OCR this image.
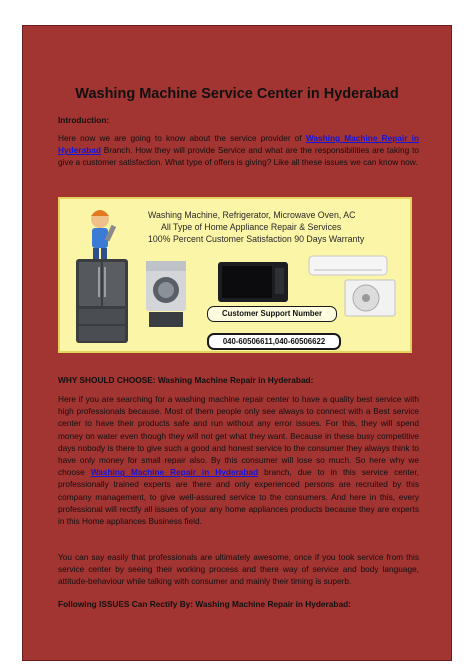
Washing Machine Service Center in Hyderabad
Introduction:
Here now we are going to know about the service provider of Washing Machine Repair in Hyderabad Branch. How they will provide Service and what are the responsibilities are taking to give a customer satisfaction. What type of offers is giving? Like all these issues we can know now.
Washing Machine, Refrigerator, Microwave Oven, AC
All Type of Home Appliance Repair & Services
100% Percent Customer Satisfaction 90 Days Warranty
Customer Support Number
040-60506611,040-60506622
WHY SHOULD CHOOSE: Washing Machine Repair in Hyderabad:
Here if you are searching for a washing machine repair center to have a quality best service with high professionals because. Most of them people only see always to connect with a Best service center to have their products safe and run without any error issues. For this, they will spend money on water even though they will not get what they want. Because in these busy competitive days nobody is there to give such a good and honest service to the consumer they always think to have only money for small repair also. By this consumer will lose so much. So here why we choose Washing Machine Repair in Hyderabad branch, due to in this service center, professionally trained experts are there and only experienced persons are recruited by this company management, to give well-assured service to the consumers. And here in this, every professional will rectify all issues of your any home appliances products because they are experts in this Home appliances Business field.
You can say easily that professionals are ultimately awesome, once if you took service from this service center by seeing their working process and there way of service and body language, attitude-behaviour while talking with consumer and mainly their timing is superb.
Following ISSUES Can Rectify By: Washing Machine Repair in Hyderabad:
